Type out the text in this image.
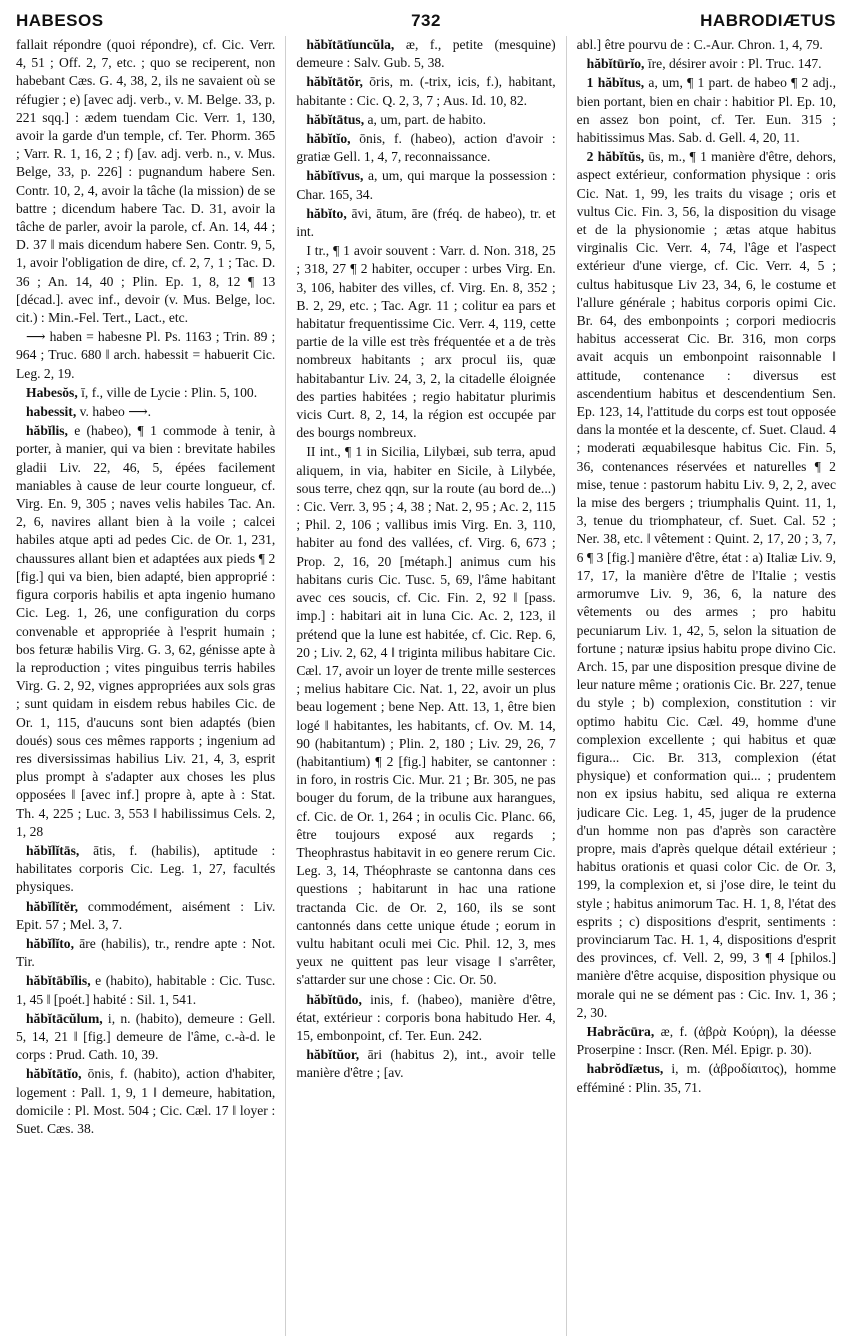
HABESOS	732	HABRODIÆTUS

fallait répondre (quoi répondre), cf. Cic. Verr. 4, 51 ; Off. 2, 7, etc. ; quo se reciperent, non habebant Cæs. G. 4, 38, 2, ils ne savaient où se réfugier ; e) [avec adj. verb., v. M. Belge. 33, p. 221 sqq.] : ædem tuendam Cic. Verr. 1, 130, avoir la garde d'un temple, cf. Ter. Phorm. 365 ; Varr. R. 1, 16, 2 ; f) [av. adj. verb. n., v. Mus. Belge, 33, p. 226] : pugnandum habere Sen. Contr. 10, 2, 4, avoir la tâche (la mission) de se battre ; dicendum habere Tac. D. 31, avoir la tâche de parler, avoir la parole, cf. An. 14, 44 ; D. 37 ‖ mais dicendum habere Sen. Contr. 9, 5, 1, avoir l'obligation de dire, cf. 2, 7, 1 ; Tac. D. 36 ; An. 14, 40 ; Plin. Ep. 1, 8, 12 ¶ 13 [décad.]. avec inf., devoir (v. Mus. Belge, loc. cit.) : Min.-Fel. Tert., Lact., etc.

⟶ haben = habesne Pl. Ps. 1163 ; Trin. 89 ; 964 ; Truc. 680 ‖ arch. habessit = habuerit Cic. Leg. 2, 19.

Habesŏs, ī, f., ville de Lycie : Plin. 5, 100.

habessit, v. habeo ⟶.

hăbĭlis, e (habeo), ¶ 1 commode à tenir, à porter, à manier, qui va bien : brevitate habiles gladii Liv. 22, 46, 5, épées facilement maniables à cause de leur courte longueur, cf. Virg. En. 9, 305 ; naves velis habiles Tac. An. 2, 6, navires allant bien à la voile ; calcei habiles atque apti ad pedes Cic. de Or. 1, 231, chaussures allant bien et adaptées aux pieds ¶ 2 [fig.] qui va bien, bien adapté, bien approprié : figura corporis habilis et apta ingenio humano Cic. Leg. 1, 26, une configuration du corps convenable et appropriée à l'esprit humain ; bos feturæ habilis Virg. G. 3, 62, génisse apte à la reproduction ; vites pinguibus terris habiles Virg. G. 2, 92, vignes appropriées aux sols gras ; sunt quidam in eisdem rebus habiles Cic. de Or. 1, 115, d'aucuns sont bien adaptés (bien doués) sous ces mêmes rapports ; ingenium ad res diversissimas habilius Liv. 21, 4, 3, esprit plus prompt à s'adapter aux choses les plus opposées ‖ [avec inf.] propre à, apte à : Stat. Th. 4, 225 ; Luc. 3, 553 ‖ habilissimus Cels. 2, 1, 28

hăbĭlĭtās, ātis, f. (habilis), aptitude : habilitates corporis Cic. Leg. 1, 27, facultés physiques.

hăbĭlĭtĕr, commodément, aisément : Liv. Epit. 57 ; Mel. 3, 7.

hăbĭlĭto, āre (habilis), tr., rendre apte : Not. Tir.

hăbĭtābĭlis, e (habito), habitable : Cic. Tusc. 1, 45 ‖ [poét.] habité : Sil. 1, 541.

hăbĭtācŭlum, i, n. (habito), demeure : Gell. 5, 14, 21 ‖ [fig.] demeure de l'âme, c.-à-d. le corps : Prud. Cath. 10, 39.

hăbĭtātĭo, ōnis, f. (habito), action d'habiter, logement : Pall. 1, 9, 1 ‖ demeure, habitation, domicile : Pl. Most. 504 ; Cic. Cæl. 17 ‖ loyer : Suet. Cæs. 38.

hăbĭtātĭuncŭla, æ, f., petite (mesquine) demeure : Salv. Gub. 5, 38.

hăbĭtātŏr, ōris, m. (-trix, icis, f.), habitant, habitante : Cic. Q. 2, 3, 7 ; Aus. Id. 10, 82.

hăbĭtātus, a, um, part. de habito.

hăbĭtĭo, ōnis, f. (habeo), action d'avoir : gratiæ Gell. 1, 4, 7, reconnaissance.

hăbĭtīvus, a, um, qui marque la possession : Char. 165, 34.

hăbĭto, āvi, ātum, āre (fréq. de habeo), tr. et int.

I tr., ¶ 1 avoir souvent : Varr. d. Non. 318, 25 ; 318, 27 ¶ 2 habiter, occuper : urbes Virg. En. 3, 106, habiter des villes, cf. Virg. En. 8, 352 ; B. 2, 29, etc. ; Tac. Agr. 11 ; colitur ea pars et habitatur frequentissime Cic. Verr. 4, 119, cette partie de la ville est très fréquentée et a de très nombreux habitants ; arx procul iis, quæ habitabantur Liv. 24, 3, 2, la citadelle éloignée des parties habitées ; regio habitatur plurimis vicis Curt. 8, 2, 14, la région est occupée par des bourgs nombreux.

II int., ¶ 1 in Sicilia, Lilybæi, sub terra, apud aliquem, in via, habiter en Sicile, à Lilybée, sous terre, chez qqn, sur la route (au bord de...) : Cic. Verr. 3, 95 ; 4, 38 ; Nat. 2, 95 ; Ac. 2, 115 ; Phil. 2, 106 ; vallibus imis Virg. En. 3, 110, habiter au fond des vallées, cf. Virg. 6, 673 ; Prop. 2, 16, 20 [métaph.] animus cum his habitans curis Cic. Tusc. 5, 69, l'âme habitant avec ces soucis, cf. Cic. Fin. 2, 92 ‖ [pass. imp.] : habitari ait in luna Cic. Ac. 2, 123, il prétend que la lune est habitée, cf. Cic. Rep. 6, 20 ; Liv. 2, 62, 4 ‖ triginta milibus habitare Cic. Cæl. 17, avoir un loyer de trente mille sesterces ; melius habitare Cic. Nat. 1, 22, avoir un plus beau logement ; bene Nep. Att. 13, 1, être bien logé ‖ habitantes, les habitants, cf. Ov. M. 14, 90 (habitantum) ; Plin. 2, 180 ; Liv. 29, 26, 7 (habitantium) ¶ 2 [fig.] habiter, se cantonner : in foro, in rostris Cic. Mur. 21 ; Br. 305, ne pas bouger du forum, de la tribune aux harangues, cf. Cic. de Or. 1, 264 ; in oculis Cic. Planc. 66, être toujours exposé aux regards ; Theophrastus habitavit in eo genere rerum Cic. Leg. 3, 14, Théophraste se cantonna dans ces questions ; habitarunt in hac una ratione tractanda Cic. de Or. 2, 160, ils se sont cantonnés dans cette unique étude ; eorum in vultu habitant oculi mei Cic. Phil. 12, 3, mes yeux ne quittent pas leur visage ‖ s'arrêter, s'attarder sur une chose : Cic. Or. 50.

hăbĭtūdo, inis, f. (habeo), manière d'être, état, extérieur : corporis bona habitudo Her. 4, 15, embonpoint, cf. Ter. Eun. 242.

hăbĭtŭor, āri (habitus 2), int., avoir telle manière d'être ; [av.

abl.] être pourvu de : C.-Aur. Chron. 1, 4, 79.

hăbĭtūrĭo, īre, désirer avoir : Pl. Truc. 147.

1 hăbĭtus, a, um, ¶ 1 part. de habeo ¶ 2 adj., bien portant, bien en chair : habitior Pl. Ep. 10, en assez bon point, cf. Ter. Eun. 315 ; habitissimus Mas. Sab. d. Gell. 4, 20, 11.

2 hăbĭtŭs, ūs, m., ¶ 1 manière d'être, dehors, aspect extérieur, conformation physique : oris Cic. Nat. 1, 99, les traits du visage ; oris et vultus Cic. Fin. 3, 56, la disposition du visage et de la physionomie ; ætas atque habitus virginalis Cic. Verr. 4, 74, l'âge et l'aspect extérieur d'une vierge, cf. Cic. Verr. 4, 5 ; cultus habitusque Liv 23, 34, 6, le costume et l'allure générale ; habitus corporis opimi Cic. Br. 64, des embonpoints ; corpori mediocris habitus accesserat Cic. Br. 316, mon corps avait acquis un embonpoint raisonnable ‖ attitude, contenance : diversus est ascendentium habitus et descendentium Sen. Ep. 123, 14, l'attitude du corps est tout opposée dans la montée et la descente, cf. Suet. Claud. 4 ; moderati æquabilesque habitus Cic. Fin. 5, 36, contenances réservées et naturelles ¶ 2 mise, tenue : pastorum habitu Liv. 9, 2, 2, avec la mise des bergers ; triumphalis Quint. 11, 1, 3, tenue du triomphateur, cf. Suet. Cal. 52 ; Ner. 38, etc. ‖ vêtement : Quint. 2, 17, 20 ; 3, 7, 6 ¶ 3 [fig.] manière d'être, état : a) Italiæ Liv. 9, 17, 17, la manière d'être de l'Italie ; vestis armorumve Liv. 9, 36, 6, la nature des vêtements ou des armes ; pro habitu pecuniarum Liv. 1, 42, 5, selon la situation de fortune ; naturæ ipsius habitu prope divino Cic. Arch. 15, par une disposition presque divine de leur nature même ; orationis Cic. Br. 227, tenue du style ; b) complexion, constitution : vir optimo habitu Cic. Cæl. 49, homme d'une complexion excellente ; qui habitus et quæ figura... Cic. Br. 313, complexion (état physique) et conformation qui... ; prudentem non ex ipsius habitu, sed aliqua re externa judicare Cic. Leg. 1, 45, juger de la prudence d'un homme non pas d'après son caractère propre, mais d'après quelque détail extérieur ; habitus orationis et quasi color Cic. de Or. 3, 199, la complexion et, si j'ose dire, le teint du style ; habitus animorum Tac. H. 1, 8, l'état des esprits ; c) dispositions d'esprit, sentiments : provinciarum Tac. H. 1, 4, dispositions d'esprit des provinces, cf. Vell. 2, 99, 3 ¶ 4 [philos.] manière d'être acquise, disposition physique ou morale qui ne se dément pas : Cic. Inv. 1, 36 ; 2, 30.

Habrăcūra, æ, f. (ἁβρὰ Κούρη), la déesse Proserpine : Inscr. (Ren. Mél. Epigr. p. 30).

habrŏdīætus, i, m. (ἁβροδίαιτος), homme efféminé : Plin. 35, 71.
